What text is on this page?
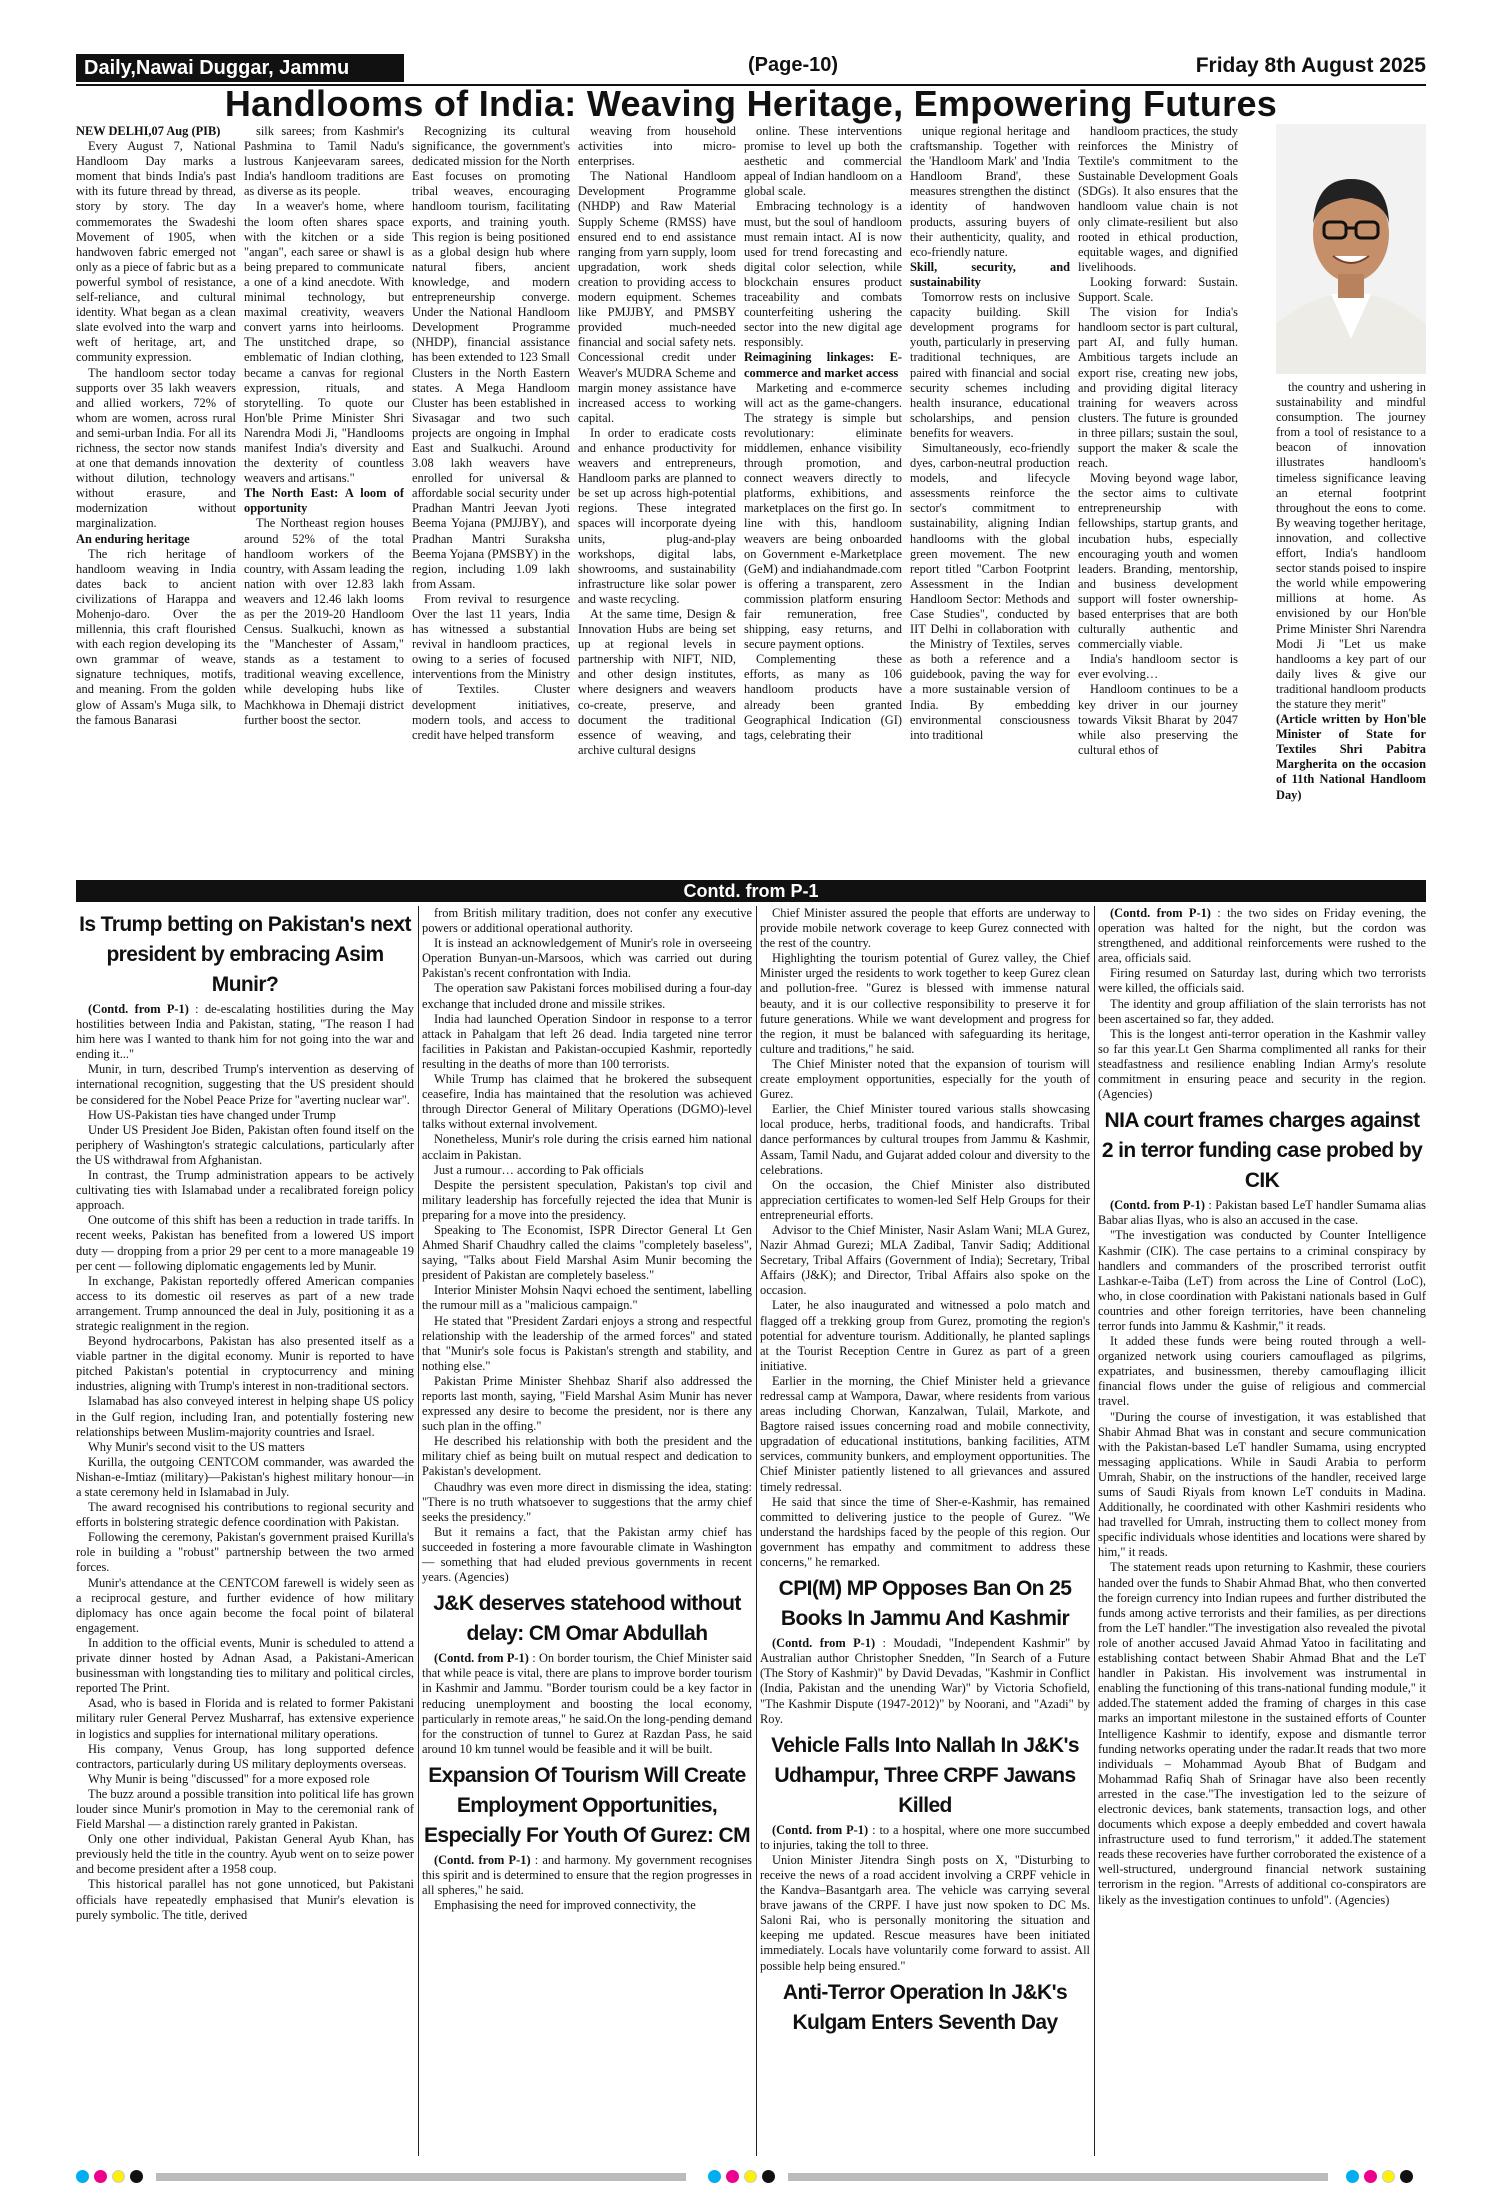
Daily,Nawai Duggar, Jammu	(Page-10)	Friday 8th August 2025
Handlooms of India: Weaving Heritage, Empowering Futures

NEW DELHI,07 Aug (PIB)

Every August 7, National Handloom Day marks a moment that binds India's past with its future thread by thread, story by story. The day commemorates the Swadeshi Movement of 1905, when handwoven fabric emerged not only as a piece of fabric but as a powerful symbol of resistance, self-reliance, and cultural identity. What began as a clean slate evolved into the warp and weft of heritage, art, and community expression.

The handloom sector today supports over 35 lakh weavers and allied workers, 72% of whom are women, across rural and semi-urban India. For all its richness, the sector now stands at one that demands innovation without dilution, technology without erasure, and modernization without marginalization.

An enduring heritage

The rich heritage of handloom weaving in India dates back to ancient civilizations of Harappa and Mohenjo-daro. Over the millennia, this craft flourished with each region developing its own grammar of weave, signature techniques, motifs, and meaning. From the golden glow of Assam's Muga silk, to the famous Banarasi

silk sarees; from Kashmir's Pashmina to Tamil Nadu's lustrous Kanjeevaram sarees, India's handloom traditions are as diverse as its people.

In a weaver's home, where the loom often shares space with the kitchen or a side "angan", each saree or shawl is being prepared to communicate a one of a kind anecdote. With minimal technology, but maximal creativity, weavers convert yarns into heirlooms. The unstitched drape, so emblematic of Indian clothing, became a canvas for regional expression, rituals, and storytelling. To quote our Hon'ble Prime Minister Shri Narendra Modi Ji, "Handlooms manifest India's diversity and the dexterity of countless weavers and artisans."

The North East: A loom of opportunity

The Northeast region houses around 52% of the total handloom workers of the country, with Assam leading the nation with over 12.83 lakh weavers and 12.46 lakh looms as per the 2019-20 Handloom Census. Sualkuchi, known as the "Manchester of Assam," stands as a testament to traditional weaving excellence, while developing hubs like Machkhowa in Dhemaji district further boost the sector.

Recognizing its cultural significance, the government's dedicated mission for the North East focuses on promoting tribal weaves, encouraging handloom tourism, facilitating exports, and training youth. This region is being positioned as a global design hub where natural fibers, ancient knowledge, and modern entrepreneurship converge. Under the National Handloom Development Programme (NHDP), financial assistance has been extended to 123 Small Clusters in the North Eastern states. A Mega Handloom Cluster has been established in Sivasagar and two such projects are ongoing in Imphal East and Sualkuchi. Around 3.08 lakh weavers have enrolled for universal & affordable social security under Pradhan Mantri Jeevan Jyoti Beema Yojana (PMJJBY), and Pradhan Mantri Suraksha Beema Yojana (PMSBY) in the region, including 1.09 lakh from Assam.

From revival to resurgence Over the last 11 years, India has witnessed a substantial revival in handloom practices, owing to a series of focused interventions from the Ministry of Textiles. Cluster development initiatives, modern tools, and access to credit have helped transform

weaving from household activities into micro-enterprises.

The National Handloom Development Programme (NHDP) and Raw Material Supply Scheme (RMSS) have ensured end to end assistance ranging from yarn supply, loom upgradation, work sheds creation to providing access to modern equipment. Schemes like PMJJBY, and PMSBY provided much-needed financial and social safety nets. Concessional credit under Weaver's MUDRA Scheme and margin money assistance have increased access to working capital.

In order to eradicate costs and enhance productivity for weavers and entrepreneurs, Handloom parks are planned to be set up across high-potential regions. These integrated spaces will incorporate dyeing units, plug-and-play workshops, digital labs, showrooms, and sustainability infrastructure like solar power and waste recycling.

At the same time, Design & Innovation Hubs are being set up at regional levels in partnership with NIFT, NID, and other design institutes, where designers and weavers co-create, preserve, and document the traditional essence of weaving, and archive cultural designs

online. These interventions promise to level up both the aesthetic and commercial appeal of Indian handloom on a global scale.

Embracing technology is a must, but the soul of handloom must remain intact. AI is now used for trend forecasting and digital color selection, while blockchain ensures product traceability and combats counterfeiting ushering the sector into the new digital age responsibly.

Reimagining linkages: E-commerce and market access

Marketing and e-commerce will act as the game-changers. The strategy is simple but revolutionary: eliminate middlemen, enhance visibility through promotion, and connect weavers directly to platforms, exhibitions, and marketplaces on the first go. In line with this, handloom weavers are being onboarded on Government e-Marketplace (GeM) and indiahandmade.com is offering a transparent, zero commission platform ensuring fair remuneration, free shipping, easy returns, and secure payment options.

Complementing these efforts, as many as 106 handloom products have already been granted Geographical Indication (GI) tags, celebrating their

unique regional heritage and craftsmanship. Together with the 'Handloom Mark' and 'India Handloom Brand', these measures strengthen the distinct identity of handwoven products, assuring buyers of their authenticity, quality, and eco-friendly nature.

Skill, security, and sustainability

Tomorrow rests on inclusive capacity building. Skill development programs for youth, particularly in preserving traditional techniques, are paired with financial and social security schemes including health insurance, educational scholarships, and pension benefits for weavers.

Simultaneously, eco-friendly dyes, carbon-neutral production models, and lifecycle assessments reinforce the sector's commitment to sustainability, aligning Indian handlooms with the global green movement. The new report titled "Carbon Footprint Assessment in the Indian Handloom Sector: Methods and Case Studies", conducted by IIT Delhi in collaboration with the Ministry of Textiles, serves as both a reference and a guidebook, paving the way for a more sustainable version of India. By embedding environmental consciousness into traditional

handloom practices, the study reinforces the Ministry of Textile's commitment to the Sustainable Development Goals (SDGs). It also ensures that the handloom value chain is not only climate-resilient but also rooted in ethical production, equitable wages, and dignified livelihoods.

Looking forward: Sustain. Support. Scale.

The vision for India's handloom sector is part cultural, part AI, and fully human. Ambitious targets include an export rise, creating new jobs, and providing digital literacy training for weavers across clusters. The future is grounded in three pillars; sustain the soul, support the maker & scale the reach.

Moving beyond wage labor, the sector aims to cultivate entrepreneurship with fellowships, startup grants, and incubation hubs, especially encouraging youth and women leaders. Branding, mentorship, and business development support will foster ownership-based enterprises that are both culturally authentic and commercially viable.

India's handloom sector is ever evolving…

Handloom continues to be a key driver in our journey towards Viksit Bharat by 2047 while also preserving the cultural ethos of

the country and ushering in sustainability and mindful consumption. The journey from a tool of resistance to a beacon of innovation illustrates handloom's timeless significance leaving an eternal footprint throughout the eons to come. By weaving together heritage, innovation, and collective effort, India's handloom sector stands poised to inspire the world while empowering millions at home. As envisioned by our Hon'ble Prime Minister Shri Narendra Modi Ji "Let us make handlooms a key part of our daily lives & give our traditional handloom products the stature they merit"

(Article written by Hon'ble Minister of State for Textiles Shri Pabitra Margherita on the occasion of 11th National Handloom Day)

Contd. from P-1
Is Trump betting on Pakistan's next president by embracing Asim Munir?

(Contd. from P-1) : de-escalating hostilities during the May hostilities between India and Pakistan, stating, "The reason I had him here was I wanted to thank him for not going into the war and ending it..."

Munir, in turn, described Trump's intervention as deserving of international recognition, suggesting that the US president should be considered for the Nobel Peace Prize for "averting nuclear war".

How US-Pakistan ties have changed under Trump

Under US President Joe Biden, Pakistan often found itself on the periphery of Washington's strategic calculations, particularly after the US withdrawal from Afghanistan.

In contrast, the Trump administration appears to be actively cultivating ties with Islamabad under a recalibrated foreign policy approach.

One outcome of this shift has been a reduction in trade tariffs. In recent weeks, Pakistan has benefited from a lowered US import duty — dropping from a prior 29 per cent to a more manageable 19 per cent — following diplomatic engagements led by Munir.

In exchange, Pakistan reportedly offered American companies access to its domestic oil reserves as part of a new trade arrangement. Trump announced the deal in July, positioning it as a strategic realignment in the region.

Beyond hydrocarbons, Pakistan has also presented itself as a viable partner in the digital economy. Munir is reported to have pitched Pakistan's potential in cryptocurrency and mining industries, aligning with Trump's interest in non-traditional sectors.

Islamabad has also conveyed interest in helping shape US policy in the Gulf region, including Iran, and potentially fostering new relationships between Muslim-majority countries and Israel.

Why Munir's second visit to the US matters

Kurilla, the outgoing CENTCOM commander, was awarded the Nishan-e-Imtiaz (military)—Pakistan's highest military honour—in a state ceremony held in Islamabad in July.

The award recognised his contributions to regional security and efforts in bolstering strategic defence coordination with Pakistan.

Following the ceremony, Pakistan's government praised Kurilla's role in building a "robust" partnership between the two armed forces.

Munir's attendance at the CENTCOM farewell is widely seen as a reciprocal gesture, and further evidence of how military diplomacy has once again become the focal point of bilateral engagement.

In addition to the official events, Munir is scheduled to attend a private dinner hosted by Adnan Asad, a Pakistani-American businessman with longstanding ties to military and political circles, reported The Print.

Asad, who is based in Florida and is related to former Pakistani military ruler General Pervez Musharraf, has extensive experience in logistics and supplies for international military operations.

His company, Venus Group, has long supported defence contractors, particularly during US military deployments overseas.

Why Munir is being "discussed" for a more exposed role

The buzz around a possible transition into political life has grown louder since Munir's promotion in May to the ceremonial rank of Field Marshal — a distinction rarely granted in Pakistan.

Only one other individual, Pakistan General Ayub Khan, has previously held the title in the country. Ayub went on to seize power and become president after a 1958 coup.

This historical parallel has not gone unnoticed, but Pakistani officials have repeatedly emphasised that Munir's elevation is purely symbolic. The title, derived

from British military tradition, does not confer any executive powers or additional operational authority.

It is instead an acknowledgement of Munir's role in overseeing Operation Bunyan-un-Marsoos, which was carried out during Pakistan's recent confrontation with India.

The operation saw Pakistani forces mobilised during a four-day exchange that included drone and missile strikes.

India had launched Operation Sindoor in response to a terror attack in Pahalgam that left 26 dead. India targeted nine terror facilities in Pakistan and Pakistan-occupied Kashmir, reportedly resulting in the deaths of more than 100 terrorists.

While Trump has claimed that he brokered the subsequent ceasefire, India has maintained that the resolution was achieved through Director General of Military Operations (DGMO)-level talks without external involvement.

Nonetheless, Munir's role during the crisis earned him national acclaim in Pakistan.

Just a rumour… according to Pak officials

Despite the persistent speculation, Pakistan's top civil and military leadership has forcefully rejected the idea that Munir is preparing for a move into the presidency.

Speaking to The Economist, ISPR Director General Lt Gen Ahmed Sharif Chaudhry called the claims "completely baseless", saying, "Talks about Field Marshal Asim Munir becoming the president of Pakistan are completely baseless."

Interior Minister Mohsin Naqvi echoed the sentiment, labelling the rumour mill as a "malicious campaign."

He stated that "President Zardari enjoys a strong and respectful relationship with the leadership of the armed forces" and stated that "Munir's sole focus is Pakistan's strength and stability, and nothing else."

Pakistan Prime Minister Shehbaz Sharif also addressed the reports last month, saying, "Field Marshal Asim Munir has never expressed any desire to become the president, nor is there any such plan in the offing."

He described his relationship with both the president and the military chief as being built on mutual respect and dedication to Pakistan's development.

Chaudhry was even more direct in dismissing the idea, stating: "There is no truth whatsoever to suggestions that the army chief seeks the presidency."

But it remains a fact, that the Pakistan army chief has succeeded in fostering a more favourable climate in Washington — something that had eluded previous governments in recent years. (Agencies)

J&K deserves statehood without delay: CM Omar Abdullah

(Contd. from P-1) : On border tourism, the Chief Minister said that while peace is vital, there are plans to improve border tourism in Kashmir and Jammu. "Border tourism could be a key factor in reducing unemployment and boosting the local economy, particularly in remote areas," he said.On the long-pending demand for the construction of tunnel to Gurez at Razdan Pass, he said around 10 km tunnel would be feasible and it will be built.

Expansion Of Tourism Will Create Employment Opportunities, Especially For Youth Of Gurez: CM

(Contd. from P-1) : and harmony. My government recognises this spirit and is determined to ensure that the region progresses in all spheres," he said.

Emphasising the need for improved connectivity, the

Chief Minister assured the people that efforts are underway to provide mobile network coverage to keep Gurez connected with the rest of the country.

Highlighting the tourism potential of Gurez valley, the Chief Minister urged the residents to work together to keep Gurez clean and pollution-free. "Gurez is blessed with immense natural beauty, and it is our collective responsibility to preserve it for future generations. While we want development and progress for the region, it must be balanced with safeguarding its heritage, culture and traditions," he said.

The Chief Minister noted that the expansion of tourism will create employment opportunities, especially for the youth of Gurez.

Earlier, the Chief Minister toured various stalls showcasing local produce, herbs, traditional foods, and handicrafts. Tribal dance performances by cultural troupes from Jammu & Kashmir, Assam, Tamil Nadu, and Gujarat added colour and diversity to the celebrations.

On the occasion, the Chief Minister also distributed appreciation certificates to women-led Self Help Groups for their entrepreneurial efforts.

Advisor to the Chief Minister, Nasir Aslam Wani; MLA Gurez, Nazir Ahmad Gurezi; MLA Zadibal, Tanvir Sadiq; Additional Secretary, Tribal Affairs (Government of India); Secretary, Tribal Affairs (J&K); and Director, Tribal Affairs also spoke on the occasion.

Later, he also inaugurated and witnessed a polo match and flagged off a trekking group from Gurez, promoting the region's potential for adventure tourism. Additionally, he planted saplings at the Tourist Reception Centre in Gurez as part of a green initiative.

Earlier in the morning, the Chief Minister held a grievance redressal camp at Wampora, Dawar, where residents from various areas including Chorwan, Kanzalwan, Tulail, Markote, and Bagtore raised issues concerning road and mobile connectivity, upgradation of educational institutions, banking facilities, ATM services, community bunkers, and employment opportunities. The Chief Minister patiently listened to all grievances and assured timely redressal.

He said that since the time of Sher-e-Kashmir, has remained committed to delivering justice to the people of Gurez. "We understand the hardships faced by the people of this region. Our government has empathy and commitment to address these concerns," he remarked.

CPI(M) MP Opposes Ban On 25 Books In Jammu And Kashmir

(Contd. from P-1) : Moudadi, "Independent Kashmir" by Australian author Christopher Snedden, "In Search of a Future (The Story of Kashmir)" by David Devadas, "Kashmir in Conflict (India, Pakistan and the unending War)" by Victoria Schofield, "The Kashmir Dispute (1947-2012)" by Noorani, and "Azadi" by Roy.

Vehicle Falls Into Nallah In J&K's Udhampur, Three CRPF Jawans Killed

(Contd. from P-1) : to a hospital, where one more succumbed to injuries, taking the toll to three.

Union Minister Jitendra Singh posts on X, "Disturbing to receive the news of a road accident involving a CRPF vehicle in the Kandva–Basantgarh area. The vehicle was carrying several brave jawans of the CRPF. I have just now spoken to DC Ms. Saloni Rai, who is personally monitoring the situation and keeping me updated. Rescue measures have been initiated immediately. Locals have voluntarily come forward to assist. All possible help being ensured."

Anti-Terror Operation In J&K's Kulgam Enters Seventh Day

(Contd. from P-1) : the two sides on Friday evening, the operation was halted for the night, but the cordon was strengthened, and additional reinforcements were rushed to the area, officials said.

Firing resumed on Saturday last, during which two terrorists were killed, the officials said.

The identity and group affiliation of the slain terrorists has not been ascertained so far, they added.

This is the longest anti-terror operation in the Kashmir valley so far this year.Lt Gen Sharma complimented all ranks for their steadfastness and resilience enabling Indian Army's resolute commitment in ensuring peace and security in the region. (Agencies)

NIA court frames charges against 2 in terror funding case probed by CIK

(Contd. from P-1) : Pakistan based LeT handler Sumama alias Babar alias Ilyas, who is also an accused in the case.

"The investigation was conducted by Counter Intelligence Kashmir (CIK). The case pertains to a criminal conspiracy by handlers and commanders of the proscribed terrorist outfit Lashkar-e-Taiba (LeT) from across the Line of Control (LoC), who, in close coordination with Pakistani nationals based in Gulf countries and other foreign territories, have been channeling terror funds into Jammu & Kashmir," it reads.

It added these funds were being routed through a well-organized network using couriers camouflaged as pilgrims, expatriates, and businessmen, thereby camouflaging illicit financial flows under the guise of religious and commercial travel.

"During the course of investigation, it was established that Shabir Ahmad Bhat was in constant and secure communication with the Pakistan-based LeT handler Sumama, using encrypted messaging applications. While in Saudi Arabia to perform Umrah, Shabir, on the instructions of the handler, received large sums of Saudi Riyals from known LeT conduits in Madina. Additionally, he coordinated with other Kashmiri residents who had travelled for Umrah, instructing them to collect money from specific individuals whose identities and locations were shared by him," it reads.

The statement reads upon returning to Kashmir, these couriers handed over the funds to Shabir Ahmad Bhat, who then converted the foreign currency into Indian rupees and further distributed the funds among active terrorists and their families, as per directions from the LeT handler."The investigation also revealed the pivotal role of another accused Javaid Ahmad Yatoo in facilitating and establishing contact between Shabir Ahmad Bhat and the LeT handler in Pakistan. His involvement was instrumental in enabling the functioning of this trans-national funding module," it added.The statement added the framing of charges in this case marks an important milestone in the sustained efforts of Counter Intelligence Kashmir to identify, expose and dismantle terror funding networks operating under the radar.It reads that two more individuals – Mohammad Ayoub Bhat of Budgam and Mohammad Rafiq Shah of Srinagar have also been recently arrested in the case."The investigation led to the seizure of electronic devices, bank statements, transaction logs, and other documents which expose a deeply embedded and covert hawala infrastructure used to fund terrorism," it added.The statement reads these recoveries have further corroborated the existence of a well-structured, underground financial network sustaining terrorism in the region. "Arrests of additional co-conspirators are likely as the investigation continues to unfold". (Agencies)
